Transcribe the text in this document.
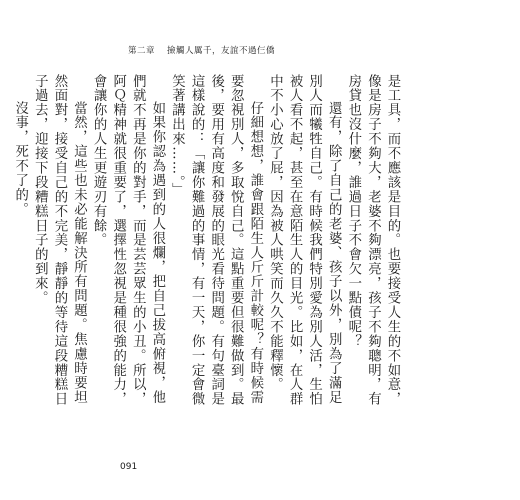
第二章 撿觸人厲千，友誼不過仨僑

是工具，而不應該是目的。也要接受人生的不如意，像是房子不夠大，老婆不夠漂亮，孩子不夠聰明，有房貸也沒什麼，誰過日子不會欠一點債呢？

還有，除了自己的老婆、孩子以外，別為了滿足別人而犧牲自己。有時候我們特別愛為別人活，生怕被人看不起，甚至在意陌生人的目光。比如，在人群中不小心放了屁，因為被人哄笑而久久不能釋懷。

仔細想想，誰會跟陌生人斤斤計較呢？有時候需要忽視別人，多取悅自己。這點重要但很難做到。最後，要用有高度和發展的眼光看待問題。有句臺詞是這樣說的：「讓你難過的事情，有一天，你一定會微笑著講出來……。」

如果你認為遇到的人很爛，把自己拔高俯視，他們就不再是你的對手，而是芸芸眾生的小丑。所以，阿Ｑ精神就很重要了，選擇性忽視是種很強的能力，會讓你的人生更遊刃有餘。

當然，這些也未必能解決所有問題。焦慮時要坦然面對，接受自己的不完美，靜靜的等待這段糟糕日子過去，迎接下段糟糕日子的到來。

沒事，死不了的。

091
